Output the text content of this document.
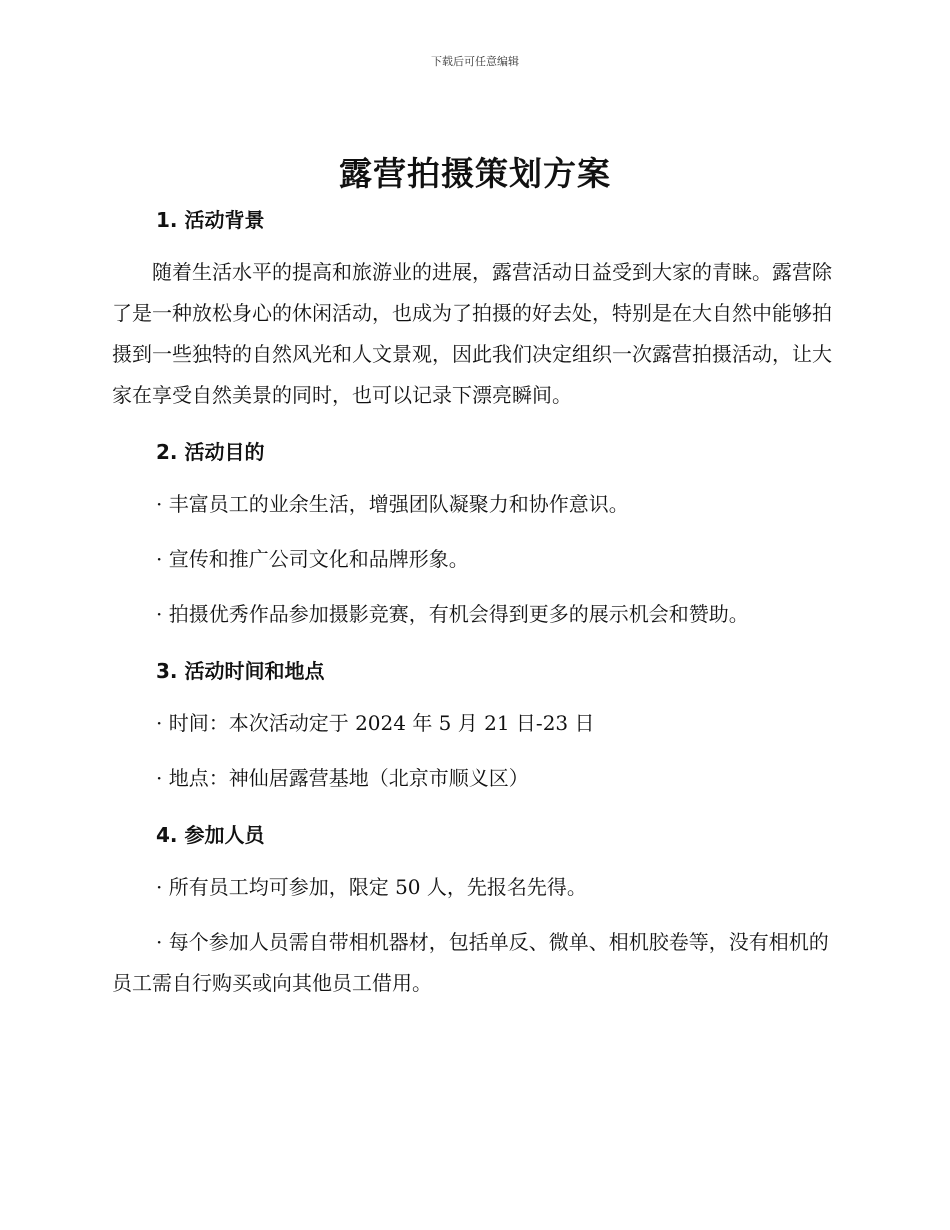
下载后可任意编辑
露营拍摄策划方案
1. 活动背景

随着生活水平的提高和旅游业的进展，露营活动日益受到大家的青睐。露营除了是一种放松身心的休闲活动，也成为了拍摄的好去处，特别是在大自然中能够拍摄到一些独特的自然风光和人文景观，因此我们决定组织一次露营拍摄活动，让大家在享受自然美景的同时，也可以记录下漂亮瞬间。

2. 活动目的

· 丰富员工的业余生活，增强团队凝聚力和协作意识。

· 宣传和推广公司文化和品牌形象。

· 拍摄优秀作品参加摄影竞赛，有机会得到更多的展示机会和赞助。

3. 活动时间和地点

· 时间：本次活动定于 2024 年 5 月 21 日-23 日

· 地点：神仙居露营基地（北京市顺义区）

4. 参加人员

· 所有员工均可参加，限定 50 人，先报名先得。

· 每个参加人员需自带相机器材，包括单反、微单、相机胶卷等，没有相机的员工需自行购买或向其他员工借用。
